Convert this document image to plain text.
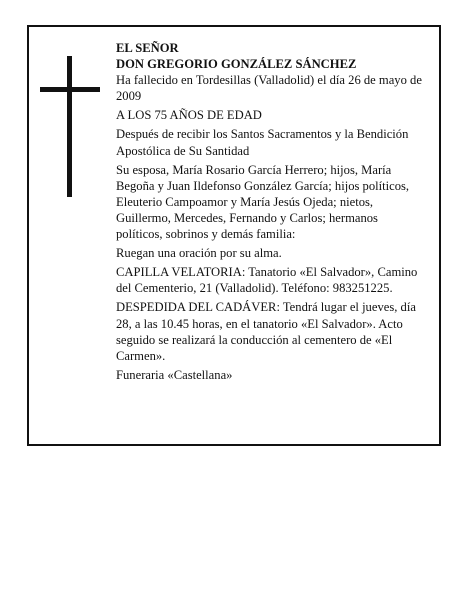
EL SEÑOR

DON GREGORIO GONZÁLEZ SÁNCHEZ

Ha fallecido en Tordesillas (Valladolid) el día 26 de mayo de 2009

A LOS 75 AÑOS DE EDAD

Después de recibir los Santos Sacramentos y la Bendición Apostólica de Su Santidad

Su esposa, María Rosario García Herrero; hijos, María Begoña y Juan Ildefonso González García; hijos políticos, Eleuterio Campoamor y María Jesús Ojeda; nietos, Guillermo, Mercedes, Fernando y Carlos; hermanos políticos, sobrinos y demás familia:

Ruegan una oración por su alma.

CAPILLA VELATORIA: Tanatorio «El Salvador», Camino del Cementerio, 21 (Valladolid). Teléfono: 983251225.

DESPEDIDA DEL CADÁVER: Tendrá lugar el jueves, día 28, a las 10.45 horas, en el tanatorio «El Salvador». Acto seguido se realizará la conducción al cementero de «El Carmen».

Funeraria «Castellana»
